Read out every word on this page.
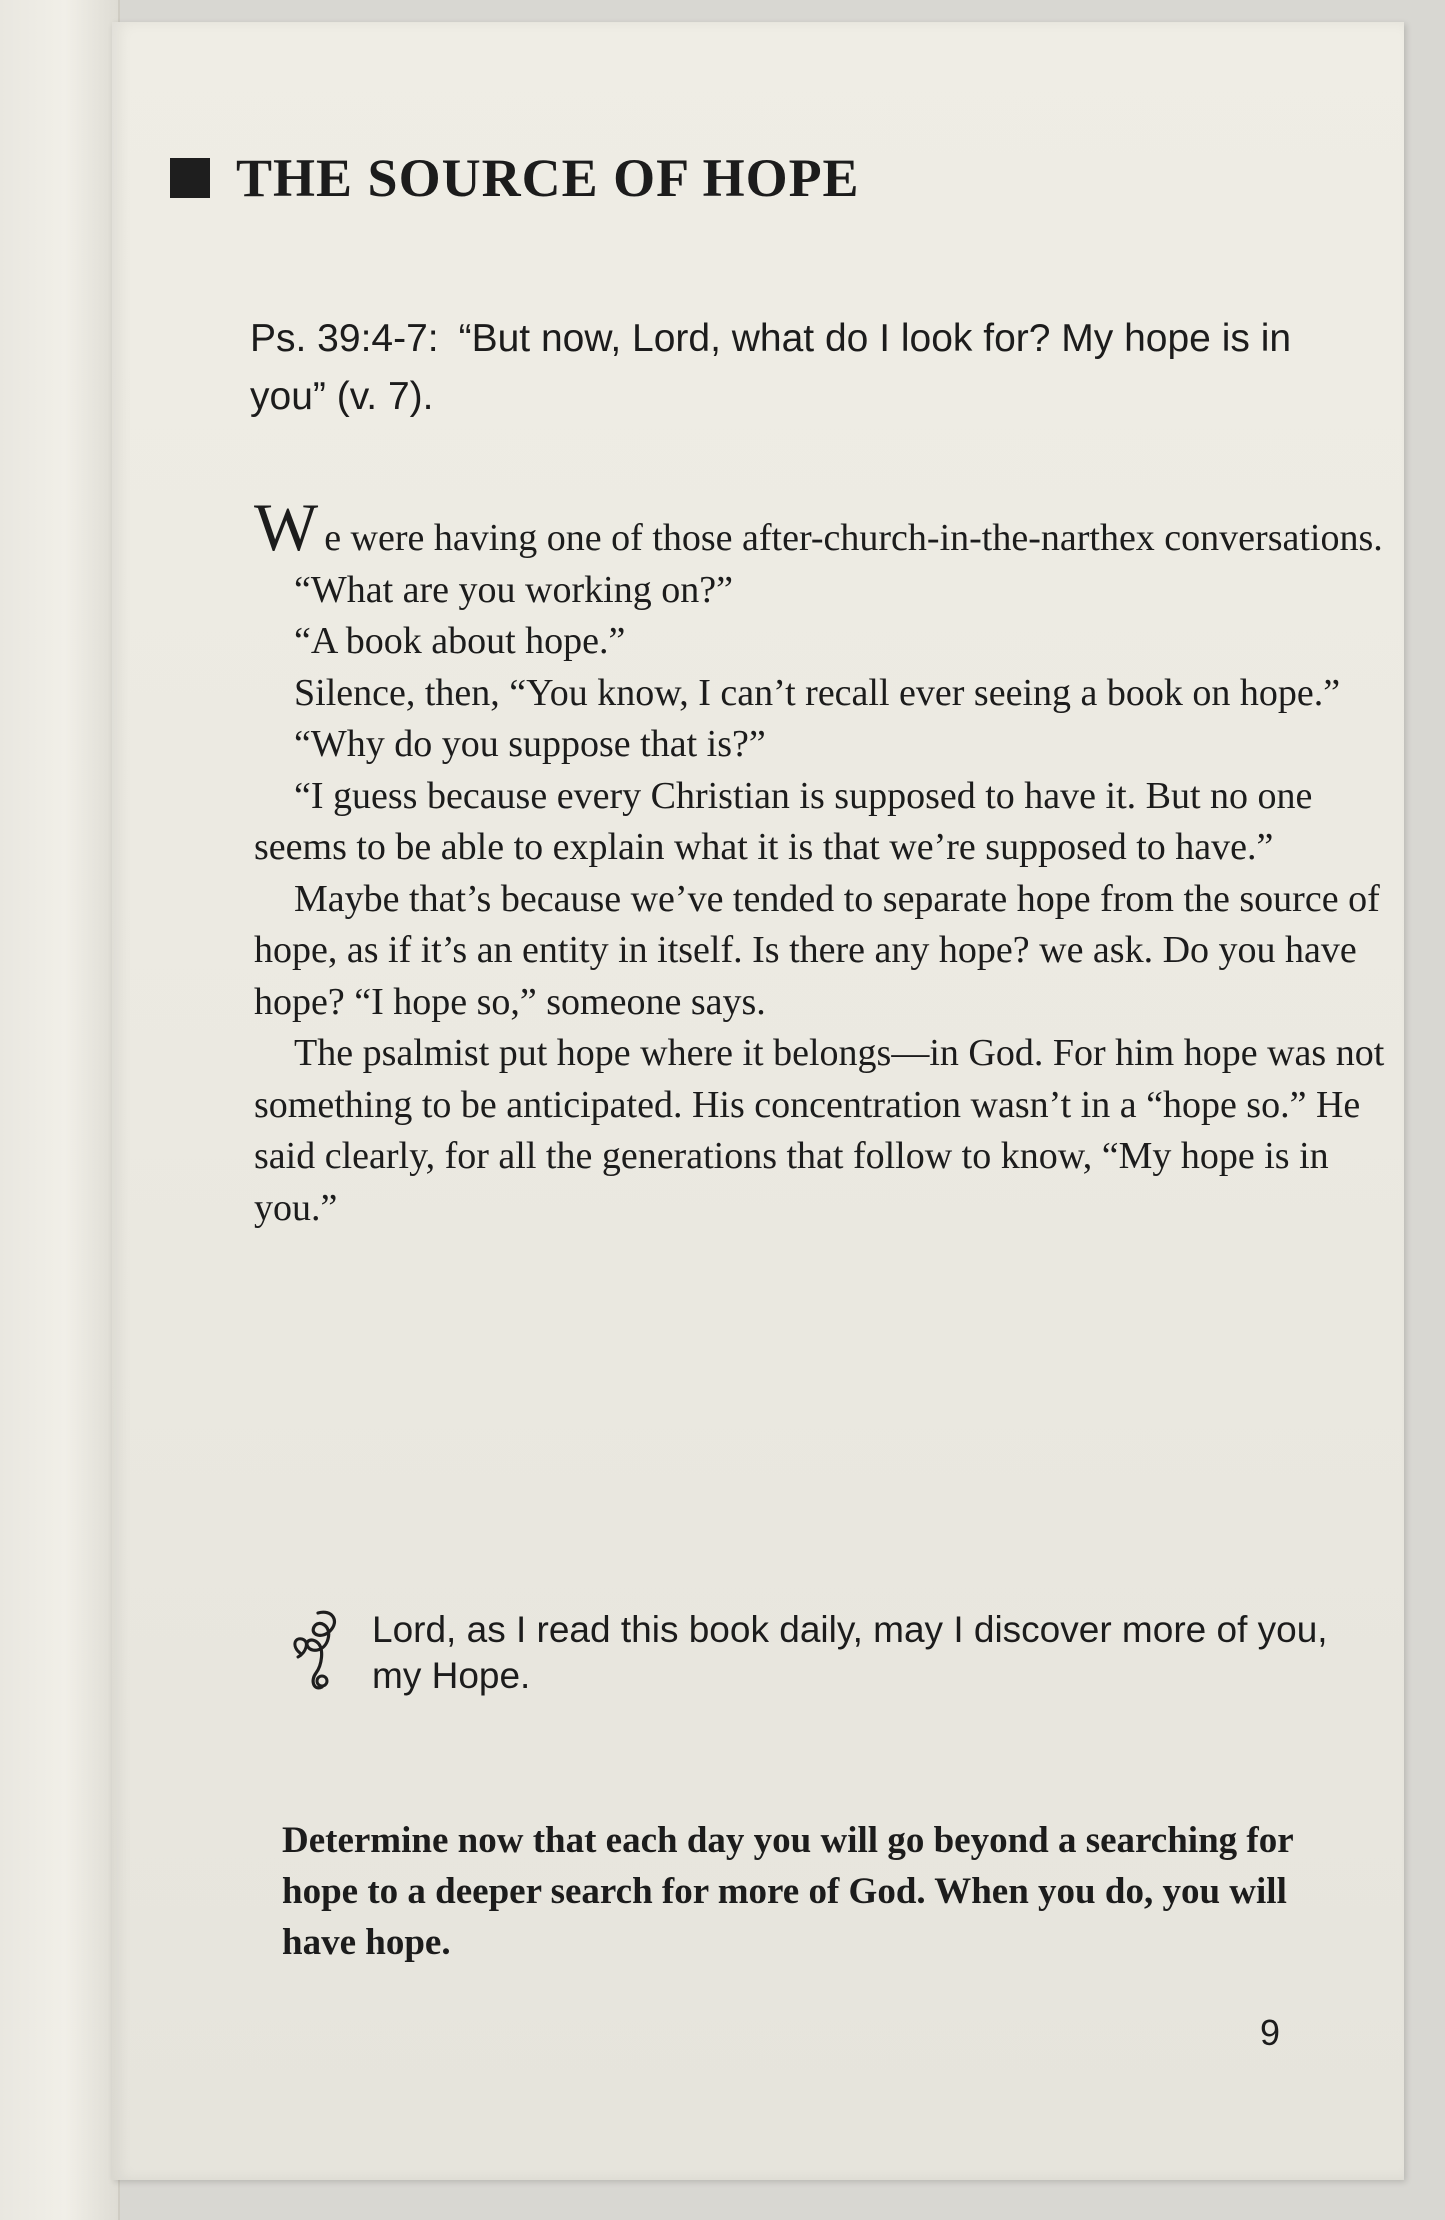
THE SOURCE OF HOPE
Ps. 39:4-7: “But now, Lord, what do I look for? My hope is in you” (v. 7).

We were having one of those after-church-in-the-narthex conversations.

“What are you working on?”

“A book about hope.”

Silence, then, “You know, I can’t recall ever seeing a book on hope.”

“Why do you suppose that is?”

“I guess because every Christian is supposed to have it. But no one seems to be able to explain what it is that we’re supposed to have.”

Maybe that’s because we’ve tended to separate hope from the source of hope, as if it’s an entity in itself. Is there any hope? we ask. Do you have hope? “I hope so,” someone says.

The psalmist put hope where it belongs—in God. For him hope was not something to be anticipated. His concentration wasn’t in a “hope so.” He said clearly, for all the generations that follow to know, “My hope is in you.”

Lord, as I read this book daily, may I discover more of you, my Hope.
Determine now that each day you will go beyond a searching for hope to a deeper search for more of God. When you do, you will have hope.
9
